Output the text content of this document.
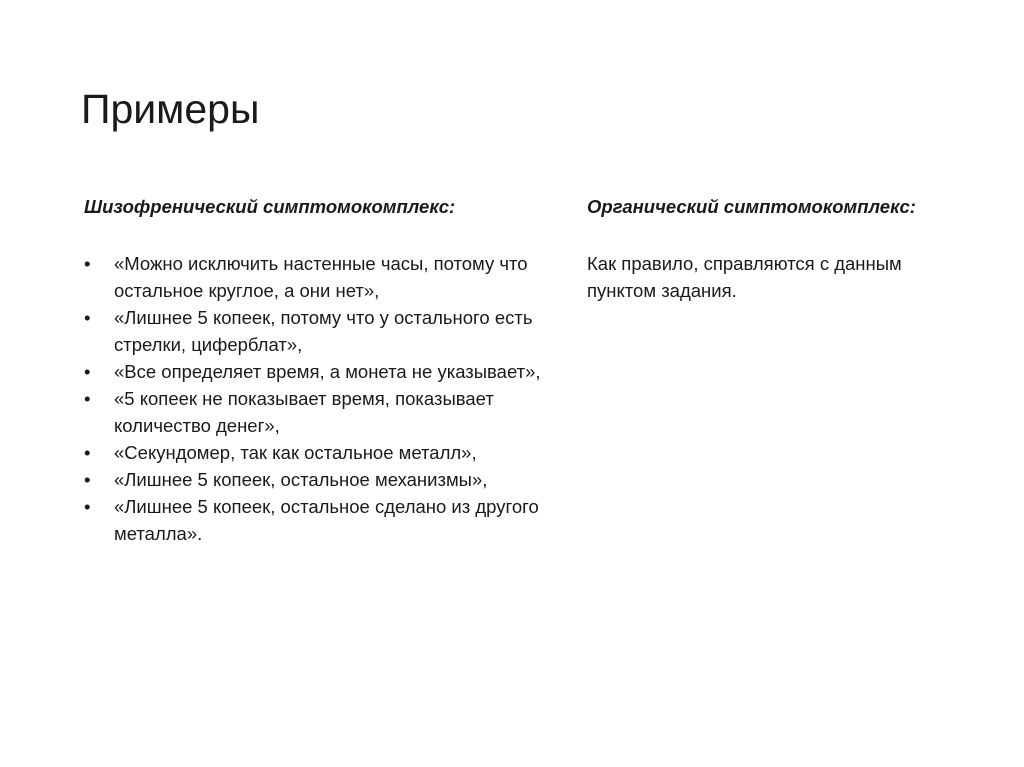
Примеры
Шизофренический симптомокомплекс:
• «Можно исключить настенные часы, потому что остальное круглое, а они нет»,
• «Лишнее 5 копеек, потому что у остального есть стрелки, циферблат»,
• «Все определяет время, а монета не указывает»,
• «5 копеек не показывает время, показывает количество денег»,
• «Секундомер, так как остальное металл»,
• «Лишнее 5 копеек, остальное механизмы»,
• «Лишнее 5 копеек, остальное сделано из другого металла».
Органический симптомокомплекс:

Как правило, справляются с данным пунктом задания.
